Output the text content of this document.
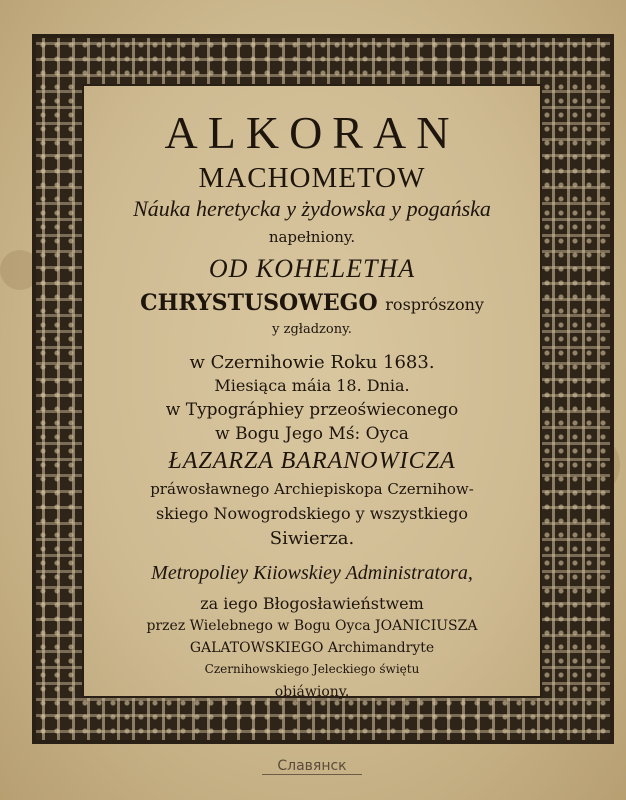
ALKORAN
MACHOMETOW
Náuka heretycka y żydowska y pogańska
napełniony.
OD KOHELETHA
CHRYSTUSOWEGO rosprószony
y zgładzony.
w Czernihowie Roku 1683.
Miesiąca máia 18. Dnia.
w Typográphiey przeoświeconego
w Bogu Jego Mś: Oyca
ŁAZARZA BARANOWICZA
práwosławnego Archiepiskopa Czernihow-
skiego Nowogrodskiego y wszystkiego
Siwierza.
Metropoliey Kiiowskiey Administratora,
za iego Błogosławieństwem
przez Wielebnego w Bogu Oyca JOANICIUSZA
GALATOWSKIEGO Archimandryte
Czernihowskiego Jeleckiego świętu
obiáwiony.
Славянск
